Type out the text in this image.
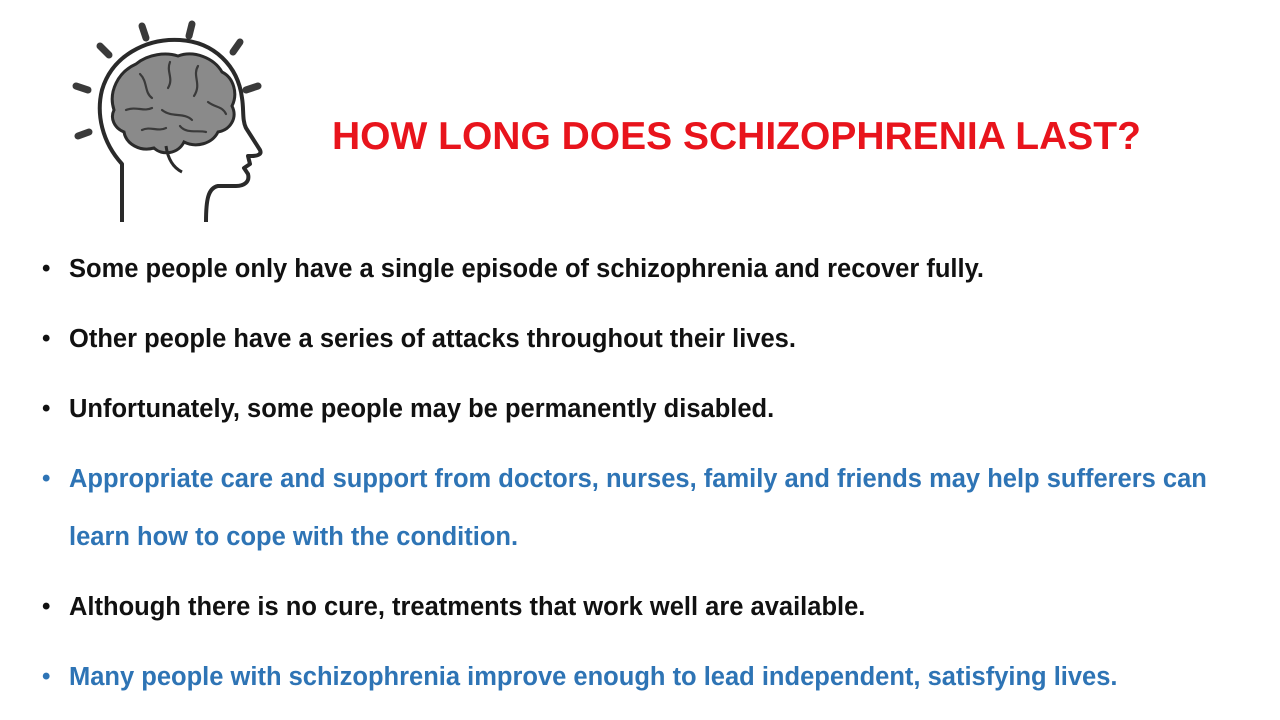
HOW LONG DOES SCHIZOPHRENIA LAST?
• Some people only have a single episode of schizophrenia and recover fully.
• Other people have a series of attacks throughout their lives.
• Unfortunately, some people may be permanently disabled.
• Appropriate care and support from doctors, nurses, family and friends may help sufferers can learn how to cope with the condition.
• Although there is no cure, treatments that work well are available.
• Many people with schizophrenia improve enough to lead independent, satisfying lives.
